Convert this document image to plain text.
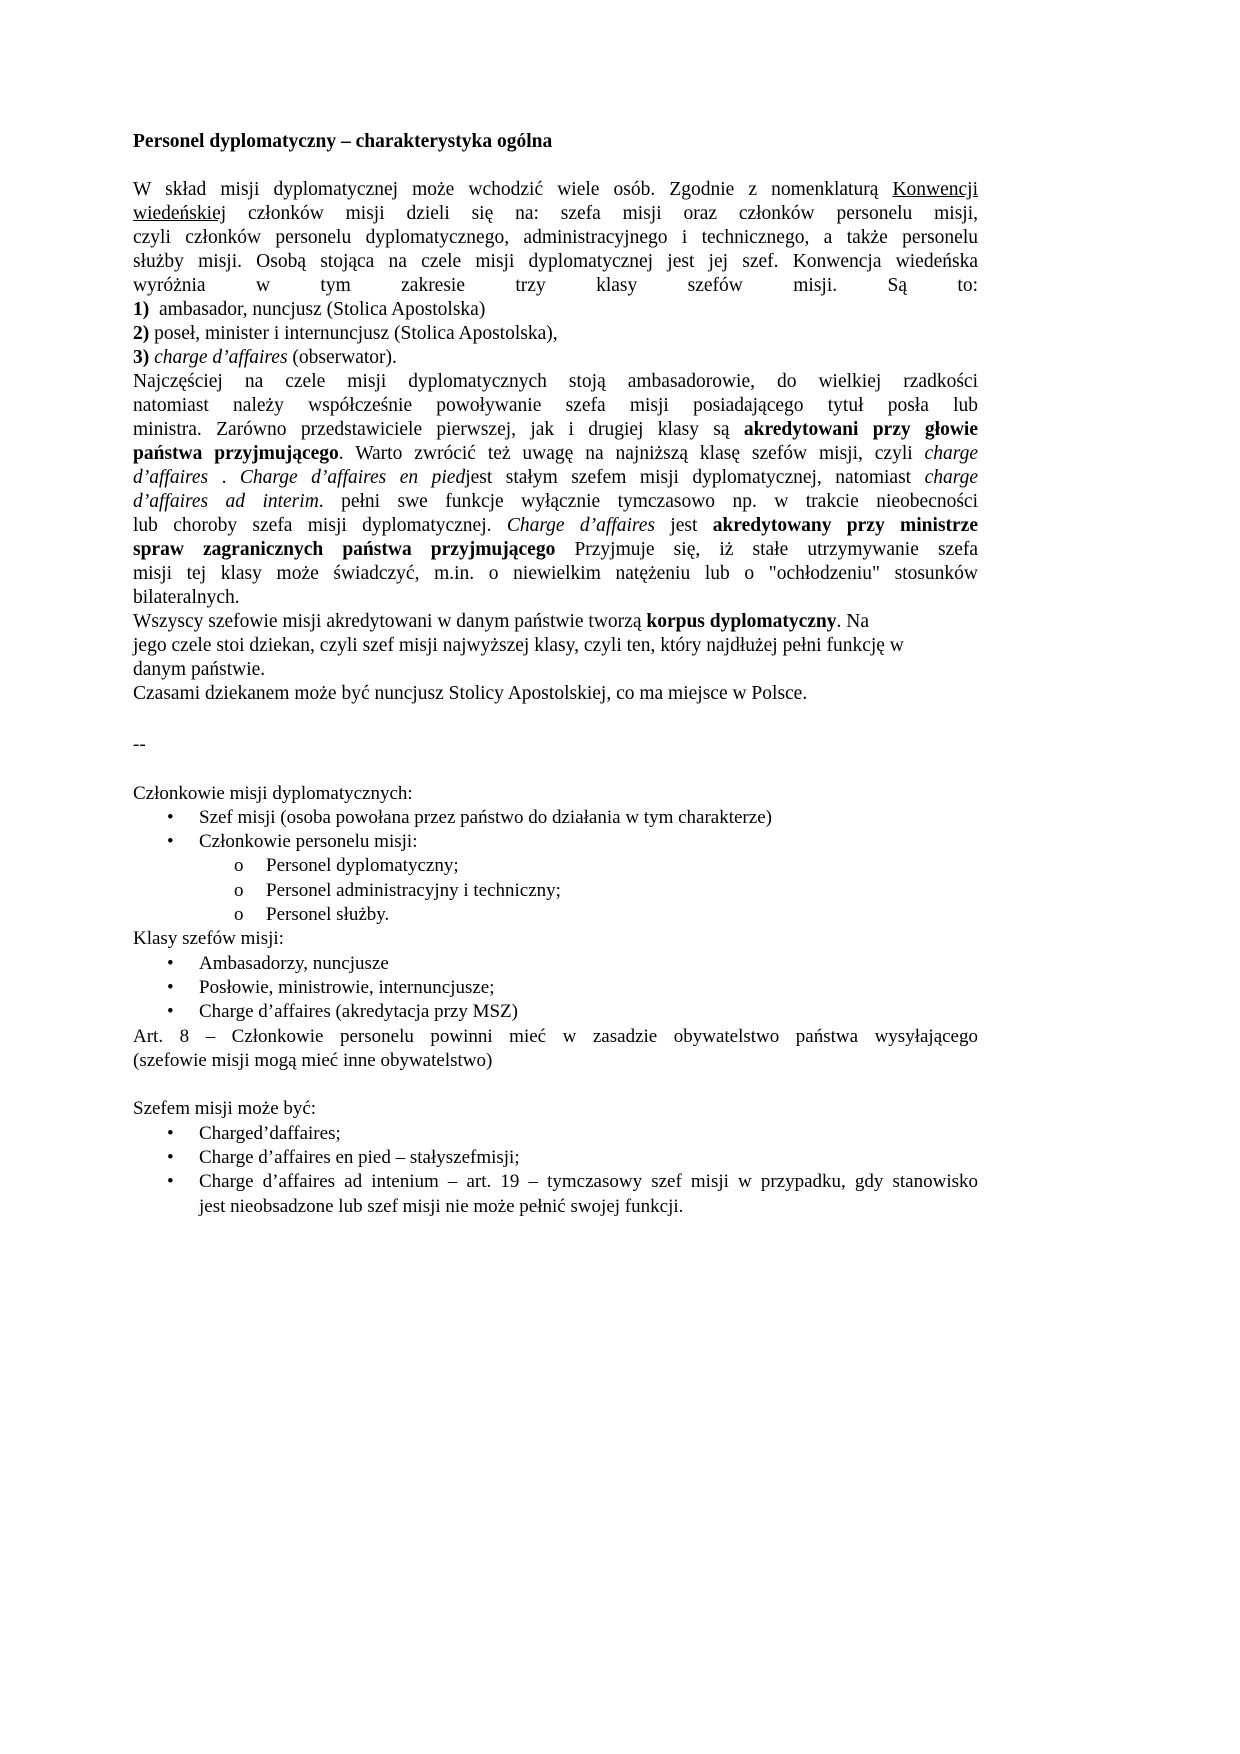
Personel dyplomatyczny – charakterystyka ogólna
W skład misji dyplomatycznej może wchodzić wiele osób. Zgodnie z nomenklaturą Konwencji
wiedeńskiej członków misji dzieli się na: szefa misji oraz członków personelu misji,
czyli członków personelu dyplomatycznego, administracyjnego i technicznego, a także personelu
służby misji. Osobą stojąca na czele misji dyplomatycznej jest jej szef. Konwencja wiedeńska
wyróżnia w tym zakresie trzy klasy szefów misji. Są to:
1)  ambasador, nuncjusz (Stolica Apostolska)
2) poseł, minister i internuncjusz (Stolica Apostolska),
3) charge d’affaires (obserwator).
Najczęściej na czele misji dyplomatycznych stoją ambasadorowie, do wielkiej rzadkości
natomiast należy współcześnie powoływanie szefa misji posiadającego tytuł posła lub
ministra. Zarówno przedstawiciele pierwszej, jak i drugiej klasy są akredytowani przy głowie
państwa przyjmującego. Warto zwrócić też uwagę na najniższą klasę szefów misji, czyli charge
d’affaires . Charge d’affaires en piedjest stałym szefem misji dyplomatycznej, natomiast charge
d’affaires ad interim. pełni swe funkcje wyłącznie tymczasowo np. w trakcie nieobecności
lub choroby szefa misji dyplomatycznej. Charge d’affaires jest akredytowany przy ministrze
spraw zagranicznych państwa przyjmującego Przyjmuje się, iż stałe utrzymywanie szefa
misji tej klasy może świadczyć, m.in. o niewielkim natężeniu lub o "ochłodzeniu" stosunków
bilateralnych.
Wszyscy szefowie misji akredytowani w danym państwie tworzą korpus dyplomatyczny. Na
jego czele stoi dziekan, czyli szef misji najwyższej klasy, czyli ten, który najdłużej pełni funkcję w
danym państwie.
Czasami dziekanem może być nuncjusz Stolicy Apostolskiej, co ma miejsce w Polsce.
--
Członkowie misji dyplomatycznych:
• Szef misji (osoba powołana przez państwo do działania w tym charakterze)
• Członkowie personelu misji:
o Personel dyplomatyczny;
o Personel administracyjny i techniczny;
o Personel służby.
Klasy szefów misji:
• Ambasadorzy, nuncjusze
• Posłowie, ministrowie, internuncjusze;
• Charge d’affaires (akredytacja przy MSZ)
Art. 8 – Członkowie personelu powinni mieć w zasadzie obywatelstwo państwa wysyłającego
(szefowie misji mogą mieć inne obywatelstwo)
Szefem misji może być:
• Charged’daffaires;
• Charge d’affaires en pied – stałyszefmisji;
• Charge d’affaires ad intenium – art. 19 – tymczasowy szef misji w przypadku, gdy stanowisko
jest nieobsadzone lub szef misji nie może pełnić swojej funkcji.
